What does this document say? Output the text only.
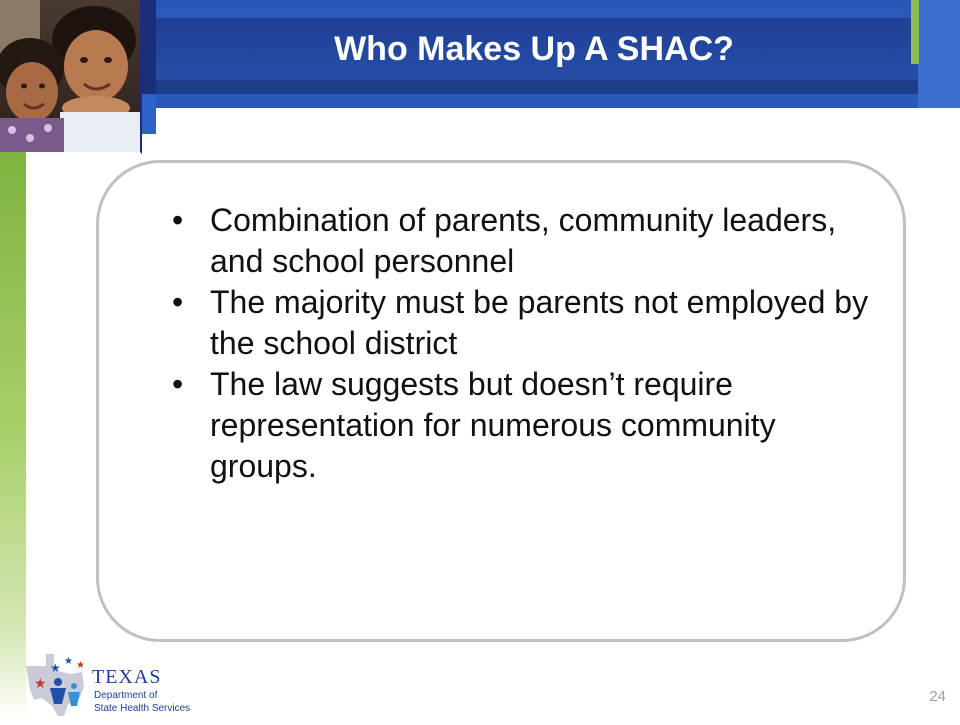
Who Makes Up A SHAC?
• Combination of parents, community leaders, and school personnel
• The majority must be parents not employed by the school district
• The law suggests but doesn’t require representation for numerous community groups.
★ ★ ★
★ TEXAS
Department of
State Health Services
24
